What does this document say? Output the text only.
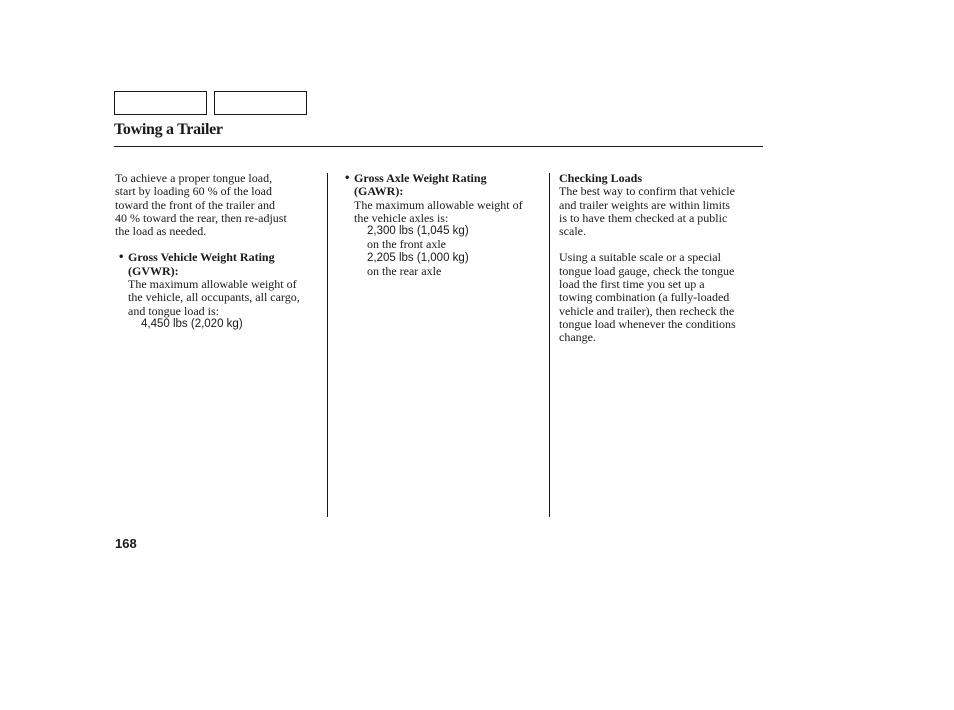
Towing a Trailer

To achieve a proper tongue load,
start by loading 60 % of the load
toward the front of the trailer and
40 % toward the rear, then re-adjust
the load as needed.

• Gross Vehicle Weight Rating
(GVWR):

The maximum allowable weight of
the vehicle, all occupants, all cargo,
and tongue load is:

4,450 lbs (2,020 kg)

• Gross Axle Weight Rating
(GAWR):

The maximum allowable weight of
the vehicle axles is:

2,300 lbs (1,045 kg)

on the front axle

2,205 lbs (1,000 kg)

on the rear axle

Checking Loads

The best way to confirm that vehicle
and trailer weights are within limits
is to have them checked at a public
scale.

Using a suitable scale or a special
tongue load gauge, check the tongue
load the first time you set up a
towing combination (a fully-loaded
vehicle and trailer), then recheck the
tongue load whenever the conditions
change.

168
